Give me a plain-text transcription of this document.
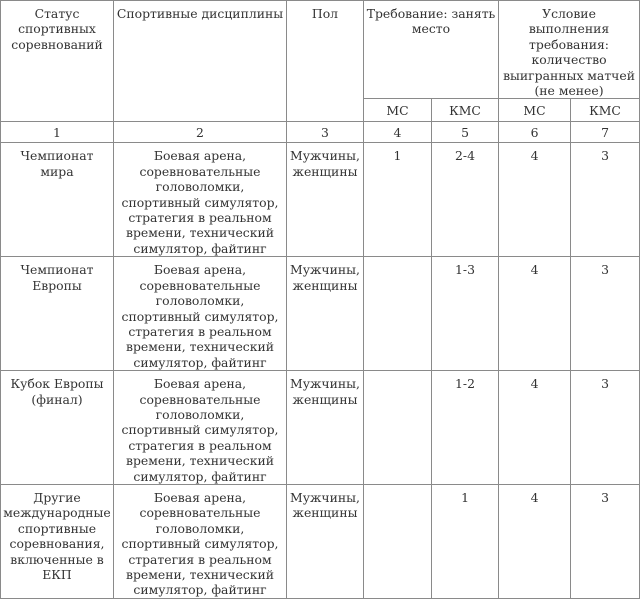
Статус спортивных соревнований	Спортивные дисциплины	Пол	Требование: занять место		Условие выполнения требования: количество выигранных матчей (не менее)	
			МС	КМС	МС	КМС
1	2	3	4	5	6	7
Чемпионат мира	Боевая арена, соревновательные головоломки, спортивный симулятор, стратегия в реальном времени, технический симулятор, файтинг	Мужчины, женщины	1	2-4	4	3
Чемпионат Европы	Боевая арена, соревновательные головоломки, спортивный симулятор, стратегия в реальном времени, технический симулятор, файтинг	Мужчины, женщины		1-3	4	3
Кубок Европы (финал)	Боевая арена, соревновательные головоломки, спортивный симулятор, стратегия в реальном времени, технический симулятор, файтинг	Мужчины, женщины		1-2	4	3
Другие международные спортивные соревнования, включенные в ЕКП	Боевая арена, соревновательные головоломки, спортивный симулятор, стратегия в реальном времени, технический симулятор, файтинг	Мужчины, женщины		1	4	3
